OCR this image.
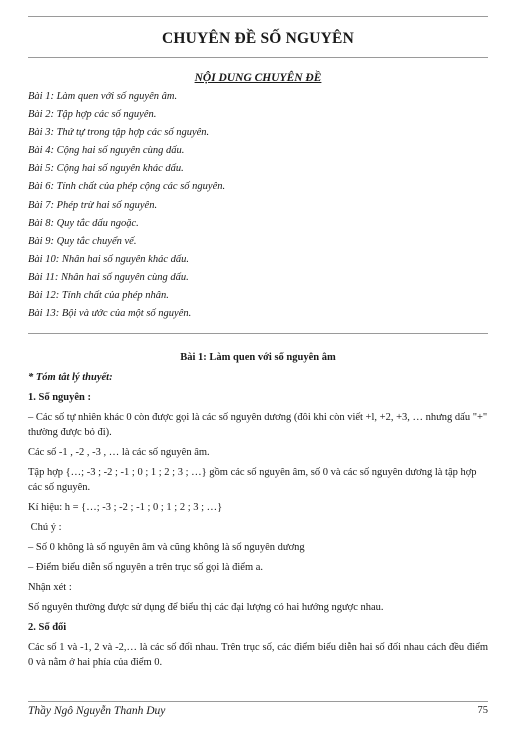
CHUYÊN ĐỀ SỐ NGUYÊN
NỘI DUNG CHUYÊN ĐỀ
Bài 1: Làm quen với số nguyên âm.
Bài 2: Tập hợp các số nguyên.
Bài 3: Thứ tự trong tập hợp các số nguyên.
Bài 4: Cộng hai số nguyên cùng dấu.
Bài 5: Cộng hai số nguyên khác dấu.
Bài 6: Tính chất của phép cộng các số nguyên.
Bài 7: Phép trừ hai số nguyên.
Bài 8: Quy tắc dấu ngoặc.
Bài 9: Quy tắc chuyển vế.
Bài 10: Nhân hai số nguyên khác dấu.
Bài 11: Nhân hai số nguyên cùng dấu.
Bài 12: Tính chất của phép nhân.
Bài 13: Bội và ước của một số nguyên.
Bài 1: Làm quen với số nguyên âm

* Tóm tắt lý thuyết:

1. Số nguyên :

– Các số tự nhiên khác 0 còn được gọi là các số nguyên dương (đôi khi còn viết +l, +2, +3, … nhưng dấu "+" thường được bỏ đi).

Các số -1 , -2 , -3 , … là các số nguyên âm.

Tập hợp {…; -3 ; -2 ; -1 ; 0 ; 1 ; 2 ; 3 ; …} gồm các số nguyên âm, số 0 và các số nguyên dương là tập hợp các số nguyên.

Kí hiệu: h = {…; -3 ; -2 ; -1 ; 0 ; 1 ; 2 ; 3 ; …}

Chú ý :

– Số 0 không là số nguyên âm và cũng không là số nguyên dương

– Điểm biểu diễn số nguyên a trên trục số gọi là điểm a.

Nhận xét :

Số nguyên thường được sử dụng để biểu thị các đại lượng có hai hướng ngược nhau.

2. Số đối

Các số 1 và -1, 2 và -2,… là các số đối nhau. Trên trục số, các điểm biểu diễn hai số đối nhau cách đều điểm 0 và nằm ở hai phía của điểm 0.

Thầy Ngô Nguyễn Thanh Duy	75
